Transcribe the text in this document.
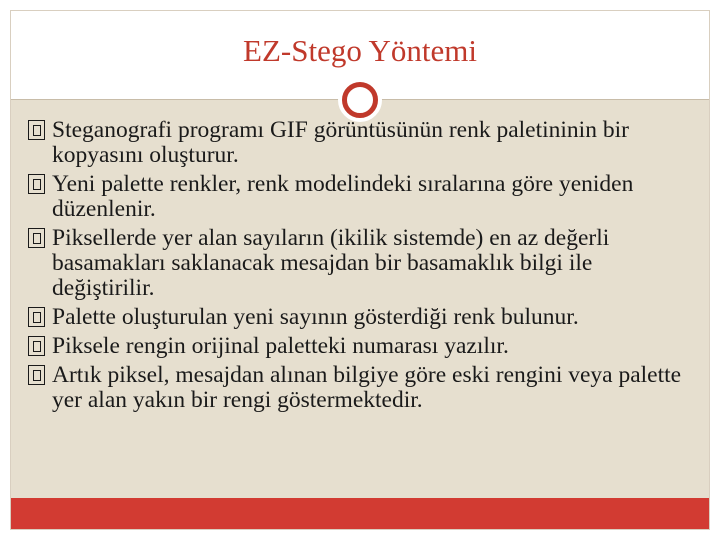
EZ-Stego Yöntemi
Steganografi programı GIF görüntüsünün renk paletininin bir kopyasını oluşturur.
Yeni palette renkler, renk modelindeki sıralarına göre yeniden düzenlenir.
Piksellerde yer alan sayıların (ikilik sistemde) en az değerli basamakları saklanacak mesajdan bir basamaklık bilgi ile değiştirilir.
Palette oluşturulan yeni sayının gösterdiği renk bulunur.
Piksele rengin orijinal paletteki numarası yazılır.
Artık piksel, mesajdan alınan bilgiye göre eski rengini veya palette yer alan yakın bir rengi göstermektedir.
